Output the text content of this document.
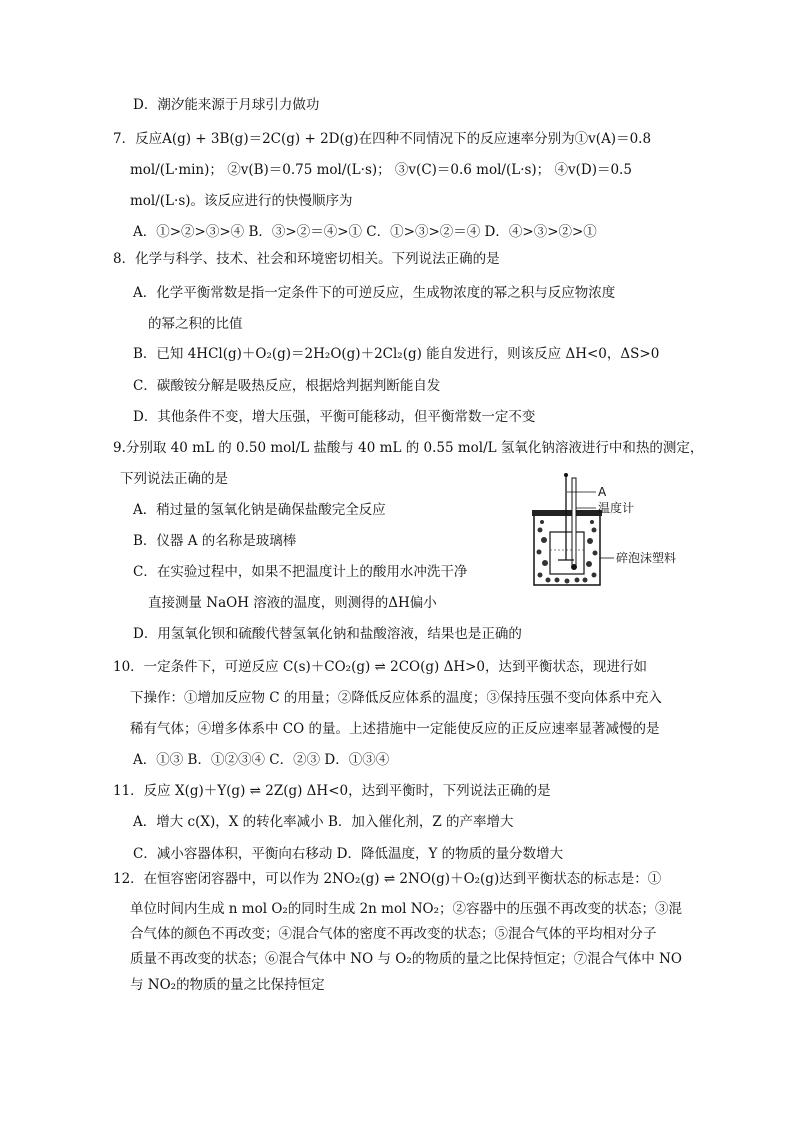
D．潮汐能来源于月球引力做功
7．反应A(g) + 3B(g)＝2C(g) + 2D(g)在四种不同情况下的反应速率分别为①v(A)＝0.8
mol/(L·min)； ②v(B)＝0.75 mol/(L·s)； ③v(C)＝0.6 mol/(L·s)； ④v(D)＝0.5
mol/(L·s)。该反应进行的快慢顺序为
A．①>②>③>④ B．③>②＝④>① C．①>③>②＝④ D．④>③>②>①
8．化学与科学、技术、社会和环境密切相关。下列说法正确的是
A．化学平衡常数是指一定条件下的可逆反应，生成物浓度的幂之积与反应物浓度
的幂之积的比值
B．已知 4HCl(g)＋O₂(g)＝2H₂O(g)＋2Cl₂(g) 能自发进行，则该反应 ΔH<0，ΔS>0
C．碳酸铵分解是吸热反应，根据焓判据判断能自发
D．其他条件不变，增大压强，平衡可能移动，但平衡常数一定不变
9.分别取 40 mL 的 0.50 mol/L 盐酸与 40 mL 的 0.55 mol/L 氢氧化钠溶液进行中和热的测定，
下列说法正确的是
A．稍过量的氢氧化钠是确保盐酸完全反应
B．仪器 A 的名称是玻璃棒
C．在实验过程中，如果不把温度计上的酸用水冲洗干净
直接测量 NaOH 溶液的温度，则测得的ΔH偏小
D．用氢氧化钡和硫酸代替氢氧化钠和盐酸溶液，结果也是正确的
10．一定条件下，可逆反应 C(s)＋CO₂(g) ⇌ 2CO(g) ΔH>0，达到平衡状态，现进行如
下操作：①增加反应物 C 的用量；②降低反应体系的温度；③保持压强不变向体系中充入
稀有气体；④增多体系中 CO 的量。上述措施中一定能使反应的正反应速率显著减慢的是
A．①③ B．①②③④ C．②③ D．①③④
11．反应 X(g)＋Y(g) ⇌ 2Z(g) ΔH<0，达到平衡时，下列说法正确的是
A．增大 c(X)，X 的转化率减小 B．加入催化剂，Z 的产率增大
C．减小容器体积，平衡向右移动 D．降低温度，Y 的物质的量分数增大
12．在恒容密闭容器中，可以作为 2NO₂(g) ⇌ 2NO(g)＋O₂(g)达到平衡状态的标志是：①
单位时间内生成 n mol O₂的同时生成 2n mol NO₂；②容器中的压强不再改变的状态；③混
合气体的颜色不再改变；④混合气体的密度不再改变的状态；⑤混合气体的平均相对分子
质量不再改变的状态；⑥混合气体中 NO 与 O₂的物质的量之比保持恒定；⑦混合气体中 NO
与 NO₂的物质的量之比保持恒定
A
温度计
碎泡沫塑料
